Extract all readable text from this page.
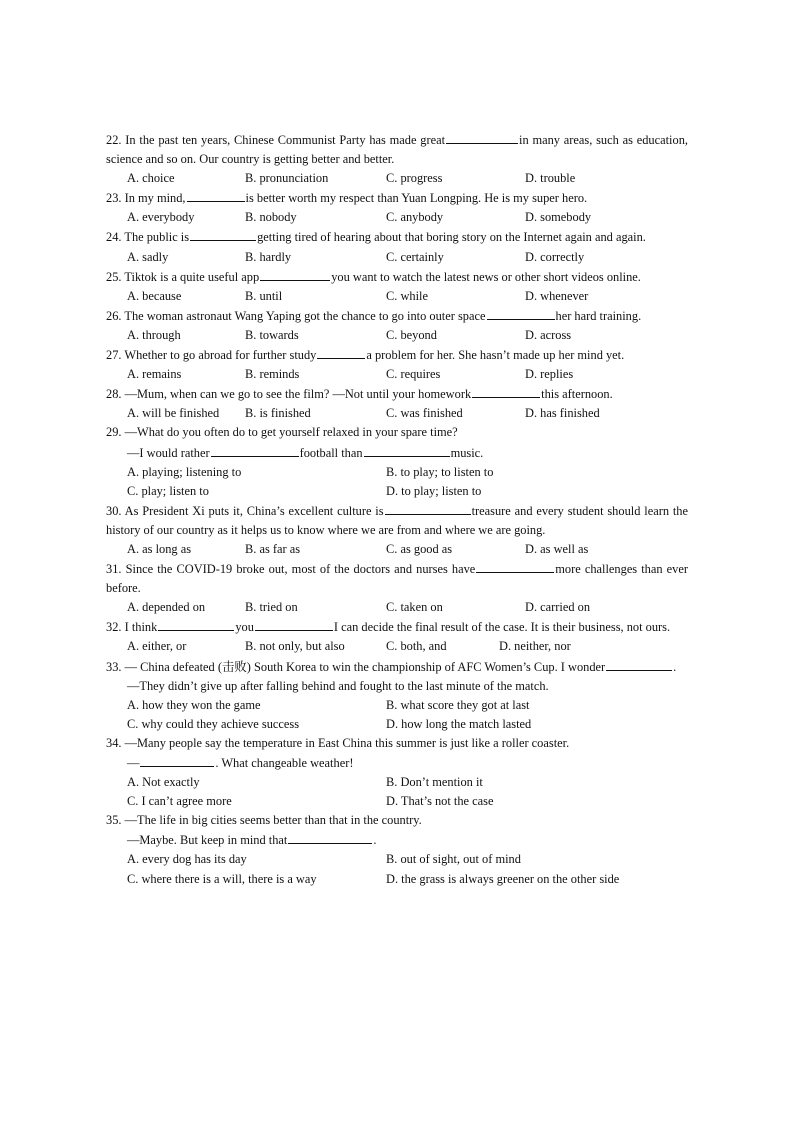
22. In the past ten years, Chinese Communist Party has made great	in many areas, such as education, science and so on. Our country is getting better and better.
A. choice	B. pronunciation	C. progress	D. trouble
23. In my mind,	is better worth my respect than Yuan Longping. He is my super hero.
A. everybody	B. nobody	C. anybody	D. somebody
24. The public is	getting tired of hearing about that boring story on the Internet again and again.
A. sadly	B. hardly	C. certainly	D. correctly
25. Tiktok is a quite useful app	you want to watch the latest news or other short videos online.
A. because	B. until	C. while	D. whenever
26. The woman astronaut Wang Yaping got the chance to go into outer space	her hard training.
A. through	B. towards	C. beyond	D. across
27. Whether to go abroad for further study	a problem for her. She hasn’t made up her mind yet.
A. remains	B. reminds	C. requires	D. replies
28. —Mum, when can we go to see the film? —Not until your homework	this afternoon.
A. will be finished	B. is finished	C. was finished	D. has finished
29. —What do you often do to get yourself relaxed in your spare time?
—I would rather	football than	music.
A. playing; listening to	B. to play; to listen to
C. play; listen to	D. to play; listen to
30. As President Xi puts it, China’s excellent culture is	treasure and every student should learn the history of our country as it helps us to know where we are from and where we are going.
A. as long as	B. as far as	C. as good as	D. as well as
31. Since the COVID-19 broke out, most of the doctors and nurses have	more challenges than ever before.
A. depended on	B. tried on	C. taken on	D. carried on
32. I think	you	I can decide the final result of the case. It is their business, not ours.
A. either, or	B. not only, but also	C. both, and	D. neither, nor
33. — China defeated (击败) South Korea to win the championship of AFC Women’s Cup. I wonder	.
—They didn’t give up after falling behind and fought to the last minute of the match.
A. how they won the game	B. what score they got at last
C. why could they achieve success	D. how long the match lasted
34. —Many people say the temperature in East China this summer is just like a roller coaster.
—	. What changeable weather!
A. Not exactly	B. Don’t mention it
C. I can’t agree more	D. That’s not the case
35. —The life in big cities seems better than that in the country.
—Maybe. But keep in mind that	.
A. every dog has its day	B. out of sight, out of mind
C. where there is a will, there is a way	D. the grass is always greener on the other side
